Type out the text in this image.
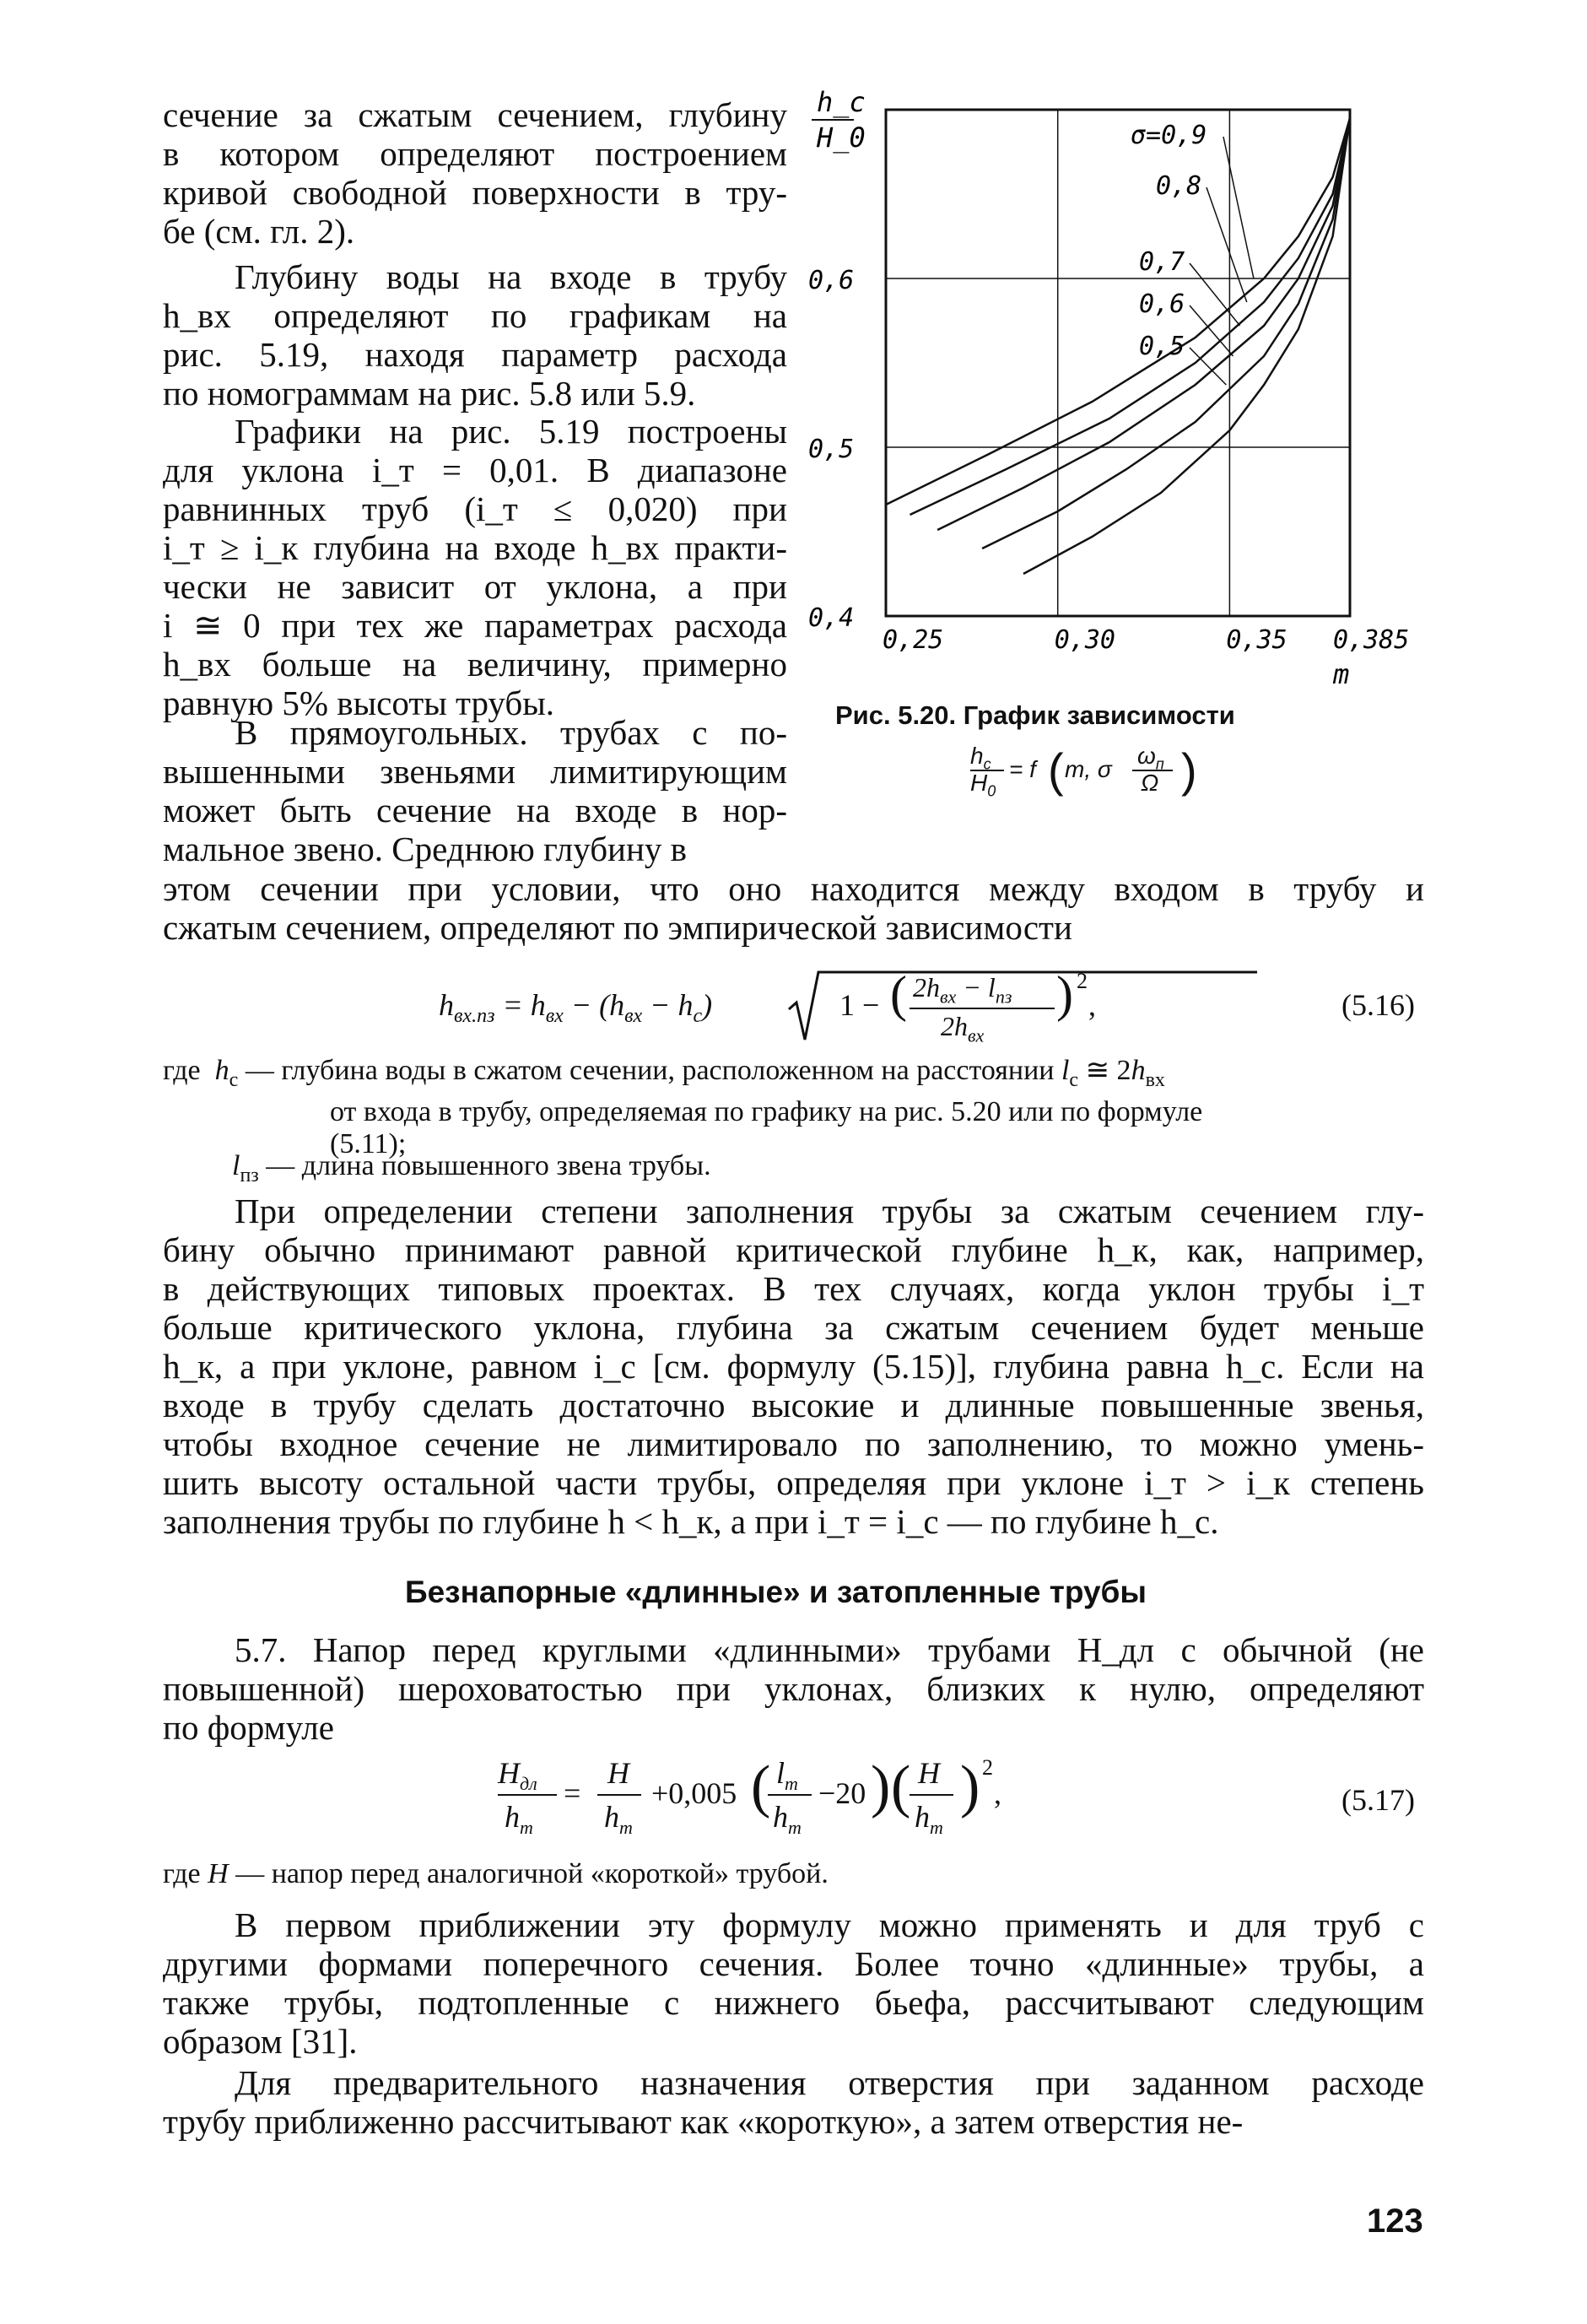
сечение за сжатым сечением, глубину
в котором определяют построением
кривой свободной поверхности в тру-
бе (см. гл. 2).
Глубину воды на входе в трубу
h_вх определяют по графикам на
рис. 5.19, находя параметр расхода
по номограммам на рис. 5.8 или 5.9.
Графики на рис. 5.19 построены
для уклона i_т = 0,01. В диапазоне
равнинных труб (i_т ≤ 0,020) при
i_т ≥ i_к глубина на входе h_вх практи-
чески не зависит от уклона, а при
i ≅ 0 при тех же параметрах расхода
h_вх больше на величину, примерно
равную 5% высоты трубы.
В прямоугольных. трубах с по-
вышенными звеньями лимитирующим
может быть сечение на входе в нор-
мальное звено. Среднюю глубину в
этом сечении при условии, что оно находится между входом в трубу и
сжатым сечением, определяют по эмпирической зависимости
$h_{вх.пз} = h_{вх} - (h_{вх} - h_с)$	1 − ( $2h_{вх} - l_{пз}$
$2h_{вх}$
) 2
,	(5.16)
где  $h_с$ — глубина воды в сжатом сечении, расположенном на расстоянии $l_с$ ≅ $2h_{вх}$
от входа в трубу, определяемая по графику на рис. 5.20 или по формуле
(5.11);
$l_{пз}$ — длина повышенного звена трубы.
При определении степени заполнения трубы за сжатым сечением глу-
бину обычно принимают равной критической глубине h_к, как, например,
в действующих типовых проектах. В тех случаях, когда уклон трубы i_т
больше критического уклона, глубина за сжатым сечением будет меньше
h_к, а при уклоне, равном i_с [см. формулу (5.15)], глубина равна h_с. Если на
входе в трубу сделать достаточно высокие и длинные повышенные звенья,
чтобы входное сечение не лимитировало по заполнению, то можно умень-
шить высоту остальной части трубы, определяя при уклоне i_т > i_к степень
заполнения трубы по глубине h < h_к, а при i_т = i_с — по глубине h_с.
Безнапорные «длинные» и затопленные трубы
5.7. Напор перед круглыми «длинными» трубами H_дл с обычной (не
повышенной) шероховатостью при уклонах, близких к нулю, определяют
по формуле
$H_{дл}$
$h_т$
=
H
$h_т$
+0,005 ( $l_т$
$h_т$
−20 ) ( H
$h_т$
) 2
,	(5.17)
где H — напор перед аналогичной «короткой» трубой.
В первом приближении эту формулу можно применять и для труб с
другими формами поперечного сечения. Более точно «длинные» трубы, а
также трубы, подтопленные с нижнего бьефа, рассчитывают следующим
образом [31].
Для предварительного назначения отверстия при заданном расходе
трубу приближенно рассчитывают как «короткую», а затем отверстия не-
123
0,25	0,30	0,35 0,385
0,4
0,5
0,6
h_c
H_0
m
σ=0,9
0,8
0,7
0,6
0,5
Рис. 5.20. График зависимости
$h_c$
$H_0$
= f ( m, σ
$\omega_п$
Ω )
